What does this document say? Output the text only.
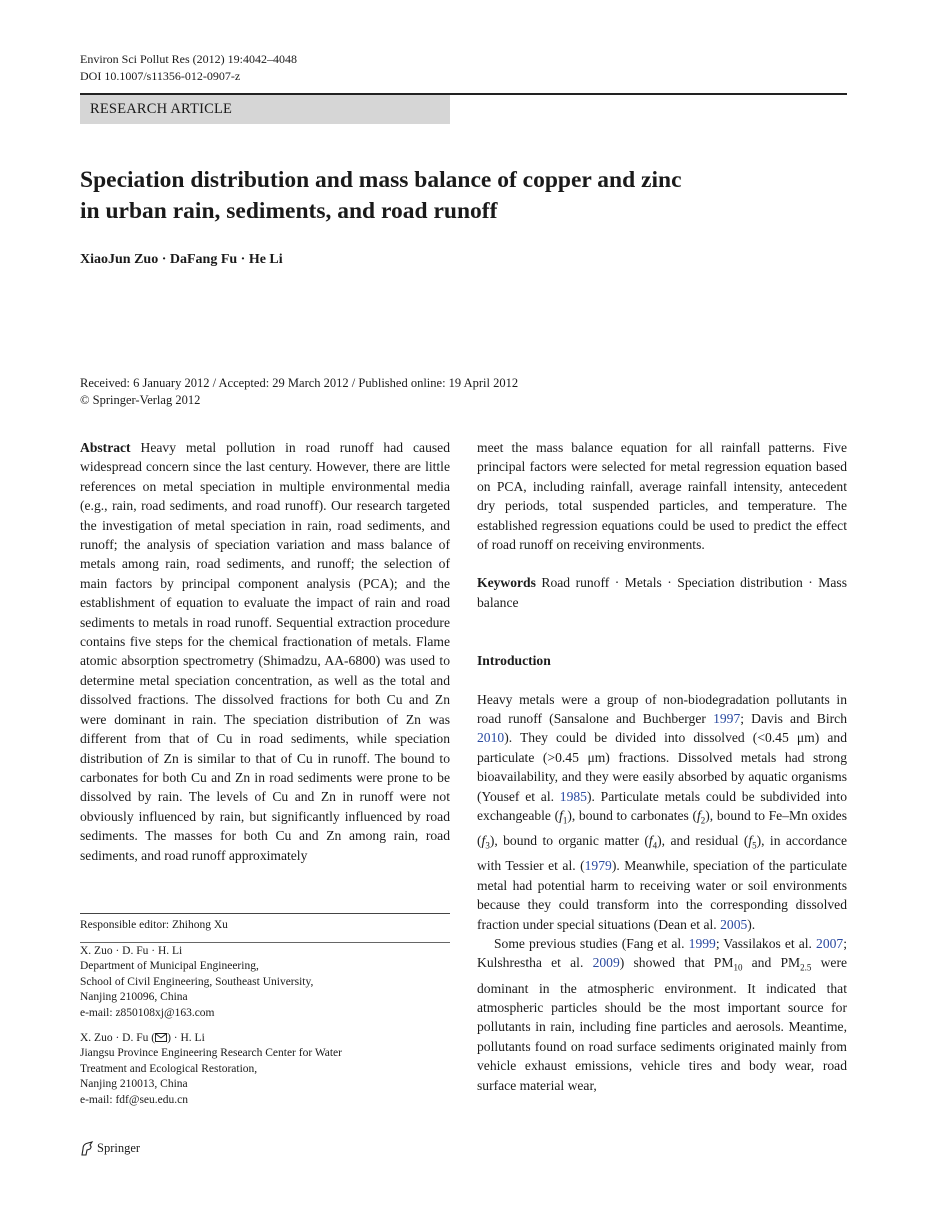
Environ Sci Pollut Res (2012) 19:4042–4048
DOI 10.1007/s11356-012-0907-z
RESEARCH ARTICLE
Speciation distribution and mass balance of copper and zinc
in urban rain, sediments, and road runoff
XiaoJun Zuo · DaFang Fu · He Li
Received: 6 January 2012 / Accepted: 29 March 2012 / Published online: 19 April 2012
© Springer-Verlag 2012

Abstract Heavy metal pollution in road runoff had caused widespread concern since the last century. However, there are little references on metal speciation in multiple environmental media (e.g., rain, road sediments, and road runoff). Our research targeted the investigation of metal speciation in rain, road sediments, and runoff; the analysis of speciation variation and mass balance of metals among rain, road sediments, and runoff; the selection of main factors by principal component analysis (PCA); and the establishment of equation to evaluate the impact of rain and road sediments to metals in road runoff. Sequential extraction procedure contains five steps for the chemical fractionation of metals. Flame atomic absorption spectrometry (Shimadzu, AA-6800) was used to determine metal speciation concentration, as well as the total and dissolved fractions. The dissolved fractions for both Cu and Zn were dominant in rain. The speciation distribution of Zn was different from that of Cu in road sediments, while speciation distribution of Zn is similar to that of Cu in runoff. The bound to carbonates for both Cu and Zn in road sediments were prone to be dissolved by rain. The levels of Cu and Zn in runoff were not obviously influenced by rain, but significantly influenced by road sediments. The masses for both Cu and Zn among rain, road sediments, and road runoff approximately

meet the mass balance equation for all rainfall patterns. Five principal factors were selected for metal regression equation based on PCA, including rainfall, average rainfall intensity, antecedent dry periods, total suspended particles, and temperature. The established regression equations could be used to predict the effect of road runoff on receiving environments.

Keywords Road runoff · Metals · Speciation distribution · Mass balance

Introduction

Heavy metals were a group of non-biodegradation pollutants in road runoff (Sansalone and Buchberger 1997; Davis and Birch 2010). They could be divided into dissolved (<0.45 μm) and particulate (>0.45 μm) fractions. Dissolved metals had strong bioavailability, and they were easily absorbed by aquatic organisms (Yousef et al. 1985). Particulate metals could be subdivided into exchangeable $(f_1)$, bound to carbonates $(f_2)$, bound to Fe–Mn oxides $(f_3)$, bound to organic matter $(f_4)$, and residual $(f_5)$, in accordance with Tessier et al. (1979). Meanwhile, speciation of the particulate metal had potential harm to receiving water or soil environments because they could transform into the corresponding dissolved fraction under special situations (Dean et al. 2005).

Some previous studies (Fang et al. 1999; Vassilakos et al. 2007; Kulshrestha et al. 2009) showed that $PM_{10}$ and $PM_{2.5}$ were dominant in the atmospheric environment. It indicated that atmospheric particles should be the most important source for pollutants in rain, including fine particles and aerosols. Meantime, pollutants found on road surface sediments originated mainly from vehicle exhaust emissions, vehicle tires and body wear, road surface material wear,

Responsible editor: Zhihong Xu
X. Zuo · D. Fu · H. Li
Department of Municipal Engineering,
School of Civil Engineering, Southeast University,
Nanjing 210096, China
e-mail: z850108xj@163.com
X. Zuo · D. Fu ( ) · H. Li
Jiangsu Province Engineering Research Center for Water
Treatment and Ecological Restoration,
Nanjing 210013, China
e-mail: fdf@seu.edu.cn
Springer
